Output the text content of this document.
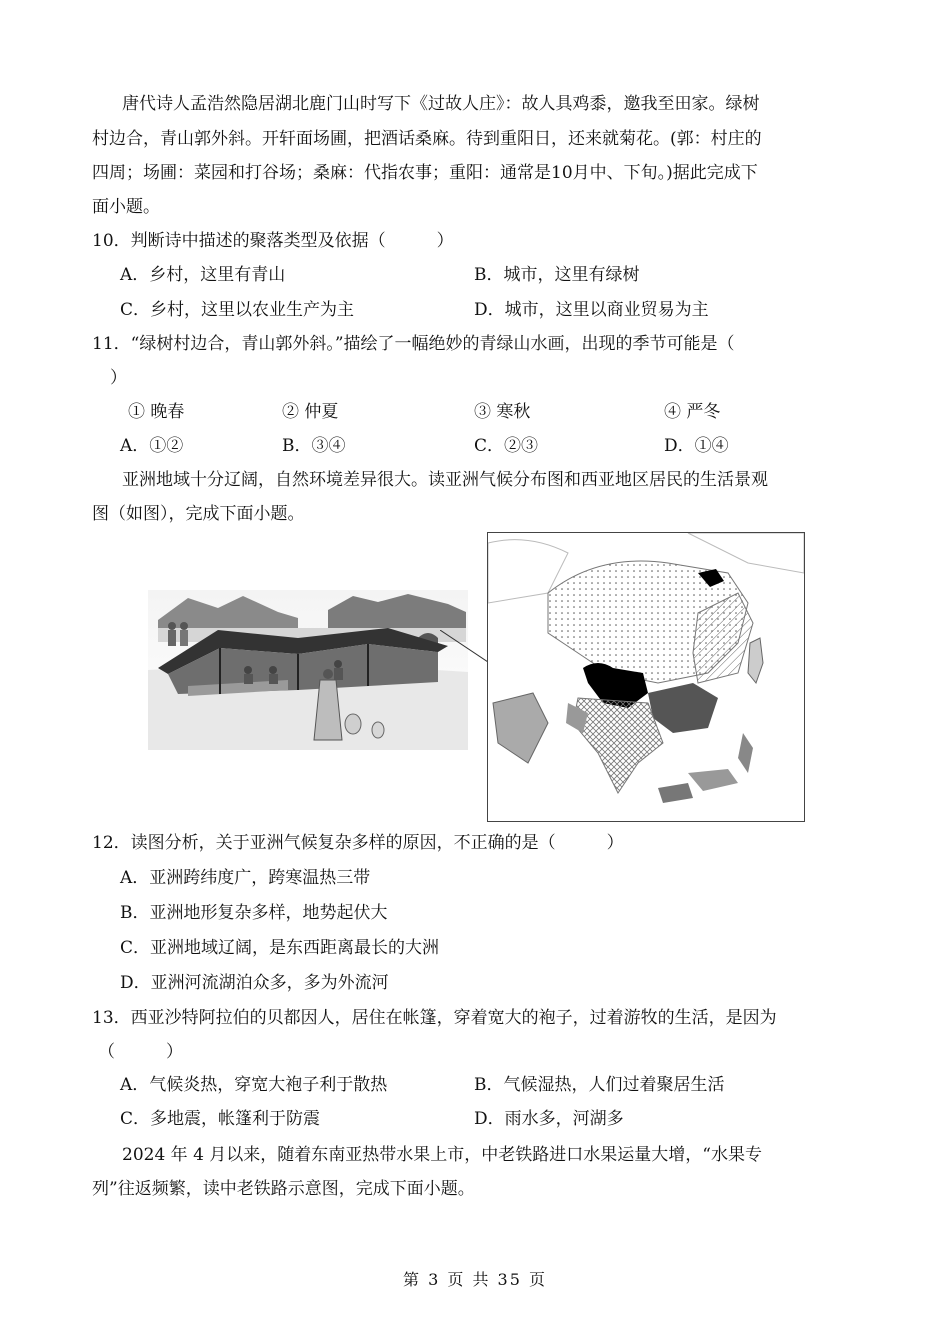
唐代诗人孟浩然隐居湖北鹿门山时写下《过故人庄》：故人具鸡黍，邀我至田家。绿树
村边合，青山郭外斜。开轩面场圃，把酒话桑麻。待到重阳日，还来就菊花。(郭：村庄的
四周；场圃：菜园和打谷场；桑麻：代指农事；重阳：通常是10月中、下旬。)据此完成下
面小题。
10．判断诗中描述的聚落类型及依据（　　　）
A．乡村，这里有青山	B．城市，这里有绿树
C．乡村，这里以农业生产为主	D．城市，这里以商业贸易为主
11．“绿树村边合，青山郭外斜。”描绘了一幅绝妙的青绿山水画，出现的季节可能是（
）
① 晚春	② 仲夏	③ 寒秋	④ 严冬
A．①②	B．③④	C．②③	D．①④
亚洲地域十分辽阔，自然环境差异很大。读亚洲气候分布图和西亚地区居民的生活景观
图（如图），完成下面小题。
12．读图分析，关于亚洲气候复杂多样的原因，不正确的是（　　　）
A．亚洲跨纬度广，跨寒温热三带
B．亚洲地形复杂多样，地势起伏大
C．亚洲地域辽阔，是东西距离最长的大洲
D．亚洲河流湖泊众多，多为外流河
13．西亚沙特阿拉伯的贝都因人，居住在帐篷，穿着宽大的袍子，过着游牧的生活，是因为
（　　　）
A．气候炎热，穿宽大袍子利于散热	B．气候湿热，人们过着聚居生活
C．多地震，帐篷利于防震	D．雨水多，河湖多
2024 年 4 月以来，随着东南亚热带水果上市，中老铁路进口水果运量大增，“水果专
列”往返频繁，读中老铁路示意图，完成下面小题。
第 3 页 共 35 页
